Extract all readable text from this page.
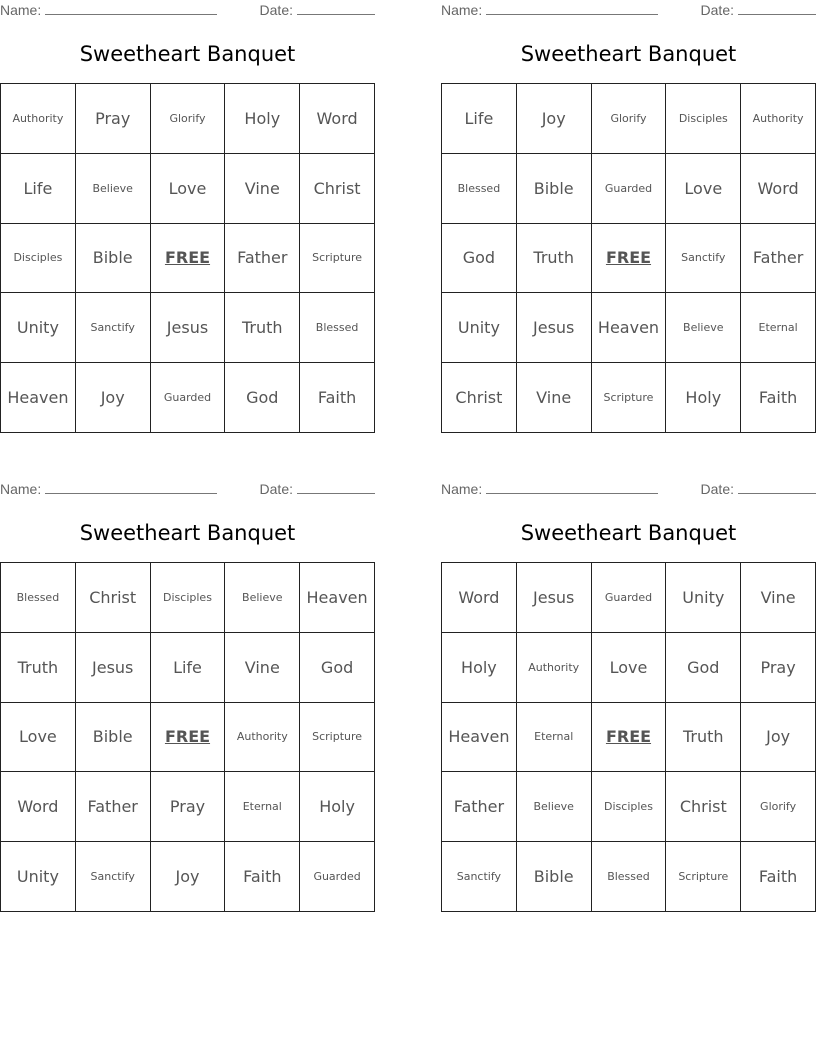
Name:	Date:
Sweetheart Banquet
Authority	Pray	Glorify	Holy	Word
Life	Believe	Love	Vine	Christ
Disciples	Bible	FREE	Father	Scripture
Unity	Sanctify	Jesus	Truth	Blessed
Heaven	Joy	Guarded	God	Faith
Name:	Date:
Sweetheart Banquet
Life	Joy	Glorify	Disciples	Authority
Blessed	Bible	Guarded	Love	Word
God	Truth	FREE	Sanctify	Father
Unity	Jesus	Heaven	Believe	Eternal
Christ	Vine	Scripture	Holy	Faith
Name:	Date:
Sweetheart Banquet
Blessed	Christ	Disciples	Believe	Heaven
Truth	Jesus	Life	Vine	God
Love	Bible	FREE	Authority	Scripture
Word	Father	Pray	Eternal	Holy
Unity	Sanctify	Joy	Faith	Guarded
Name:	Date:
Sweetheart Banquet
Word	Jesus	Guarded	Unity	Vine
Holy	Authority	Love	God	Pray
Heaven	Eternal	FREE	Truth	Joy
Father	Believe	Disciples	Christ	Glorify
Sanctify	Bible	Blessed	Scripture	Faith
